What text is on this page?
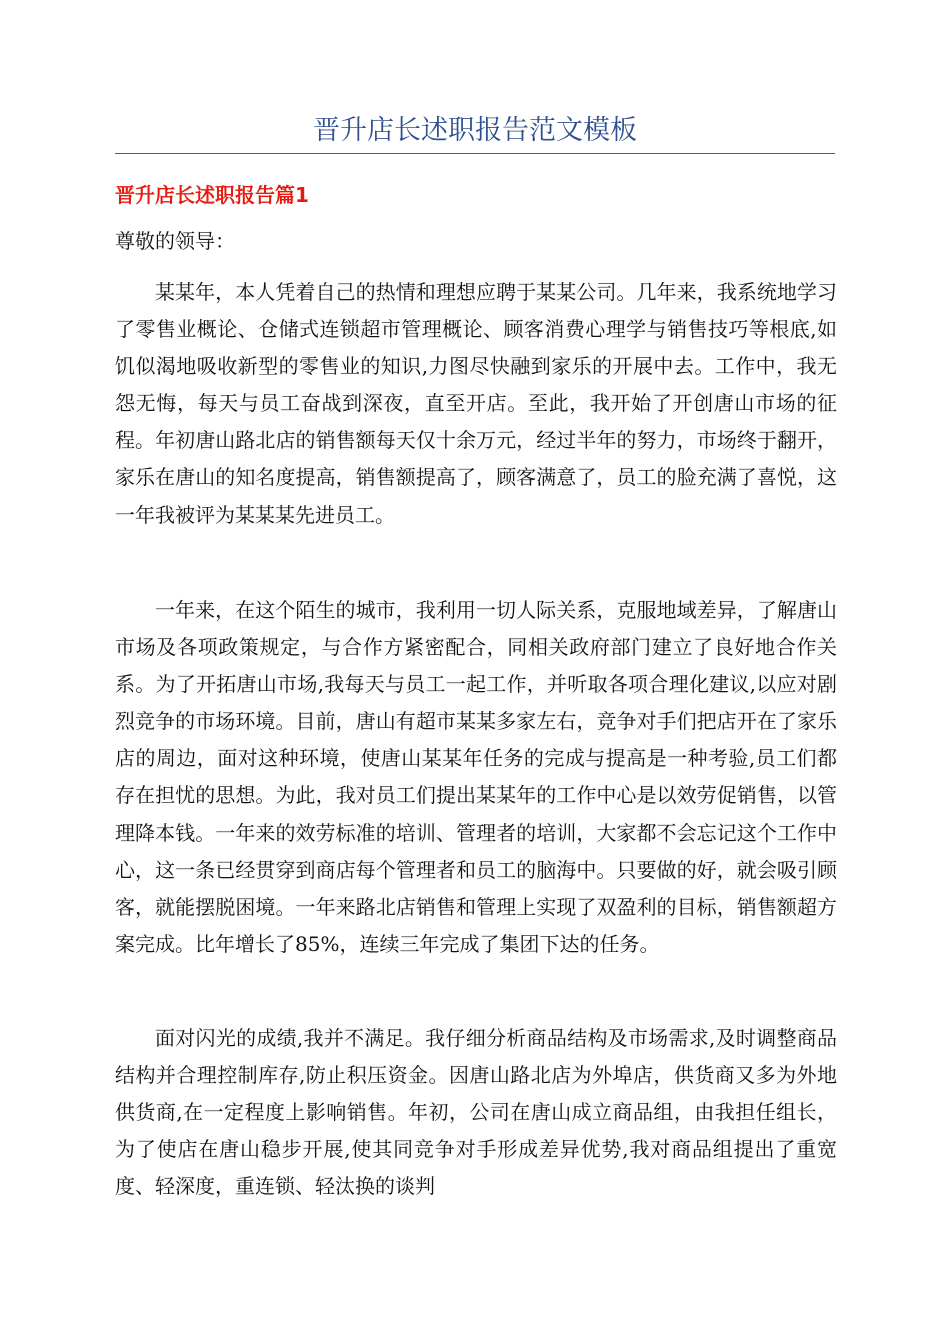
晋升店长述职报告范文模板
晋升店长述职报告篇1

尊敬的领导：

某某年，本人凭着自己的热情和理想应聘于某某公司。几年来，我系统地学习了零售业概论、仓储式连锁超市管理概论、顾客消费心理学与销售技巧等根底,如饥似渴地吸收新型的零售业的知识,力图尽快融到家乐的开展中去。工作中，我无怨无悔，每天与员工奋战到深夜，直至开店。至此，我开始了开创唐山市场的征程。年初唐山路北店的销售额每天仅十余万元，经过半年的努力，市场终于翻开，家乐在唐山的知名度提高，销售额提高了，顾客满意了，员工的脸充满了喜悦，这一年我被评为某某某先进员工。

一年来，在这个陌生的城市，我利用一切人际关系，克服地域差异，了解唐山市场及各项政策规定，与合作方紧密配合，同相关政府部门建立了良好地合作关系。为了开拓唐山市场,我每天与员工一起工作，并听取各项合理化建议,以应对剧烈竞争的市场环境。目前，唐山有超市某某多家左右，竞争对手们把店开在了家乐店的周边，面对这种环境，使唐山某某年任务的完成与提高是一种考验,员工们都存在担忧的思想。为此，我对员工们提出某某年的工作中心是以效劳促销售，以管理降本钱。一年来的效劳标准的培训、管理者的培训，大家都不会忘记这个工作中心，这一条已经贯穿到商店每个管理者和员工的脑海中。只要做的好，就会吸引顾客，就能摆脱困境。一年来路北店销售和管理上实现了双盈利的目标，销售额超方案完成。比年增长了85%，连续三年完成了集团下达的任务。

面对闪光的成绩,我并不满足。我仔细分析商品结构及市场需求,及时调整商品结构并合理控制库存,防止积压资金。因唐山路北店为外埠店，供货商又多为外地供货商,在一定程度上影响销售。年初，公司在唐山成立商品组，由我担任组长，为了使店在唐山稳步开展,使其同竞争对手形成差异优势,我对商品组提出了重宽度、轻深度，重连锁、轻汰换的谈判
